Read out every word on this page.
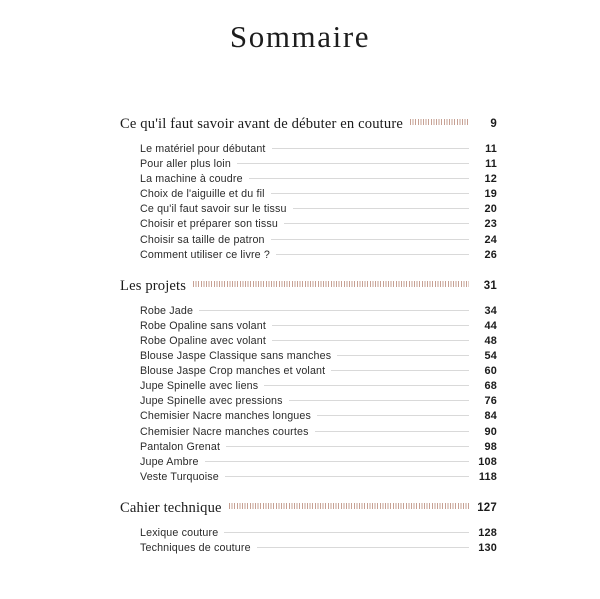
Sommaire
Ce qu'il faut savoir avant de débuter en couture	9
Le matériel pour débutant	11
Pour aller plus loin	11
La machine à coudre	12
Choix de l'aiguille et du fil	19
Ce qu'il faut savoir sur le tissu	20
Choisir et préparer son tissu	23
Choisir sa taille de patron	24
Comment utiliser ce livre ?	26
Les projets	31
Robe Jade	34
Robe Opaline sans volant	44
Robe Opaline avec volant	48
Blouse Jaspe Classique sans manches	54
Blouse Jaspe Crop manches et volant	60
Jupe Spinelle avec liens	68
Jupe Spinelle avec pressions	76
Chemisier Nacre manches longues	84
Chemisier Nacre manches courtes	90
Pantalon Grenat	98
Jupe Ambre	108
Veste Turquoise	118
Cahier technique	127
Lexique couture	128
Techniques de couture	130
